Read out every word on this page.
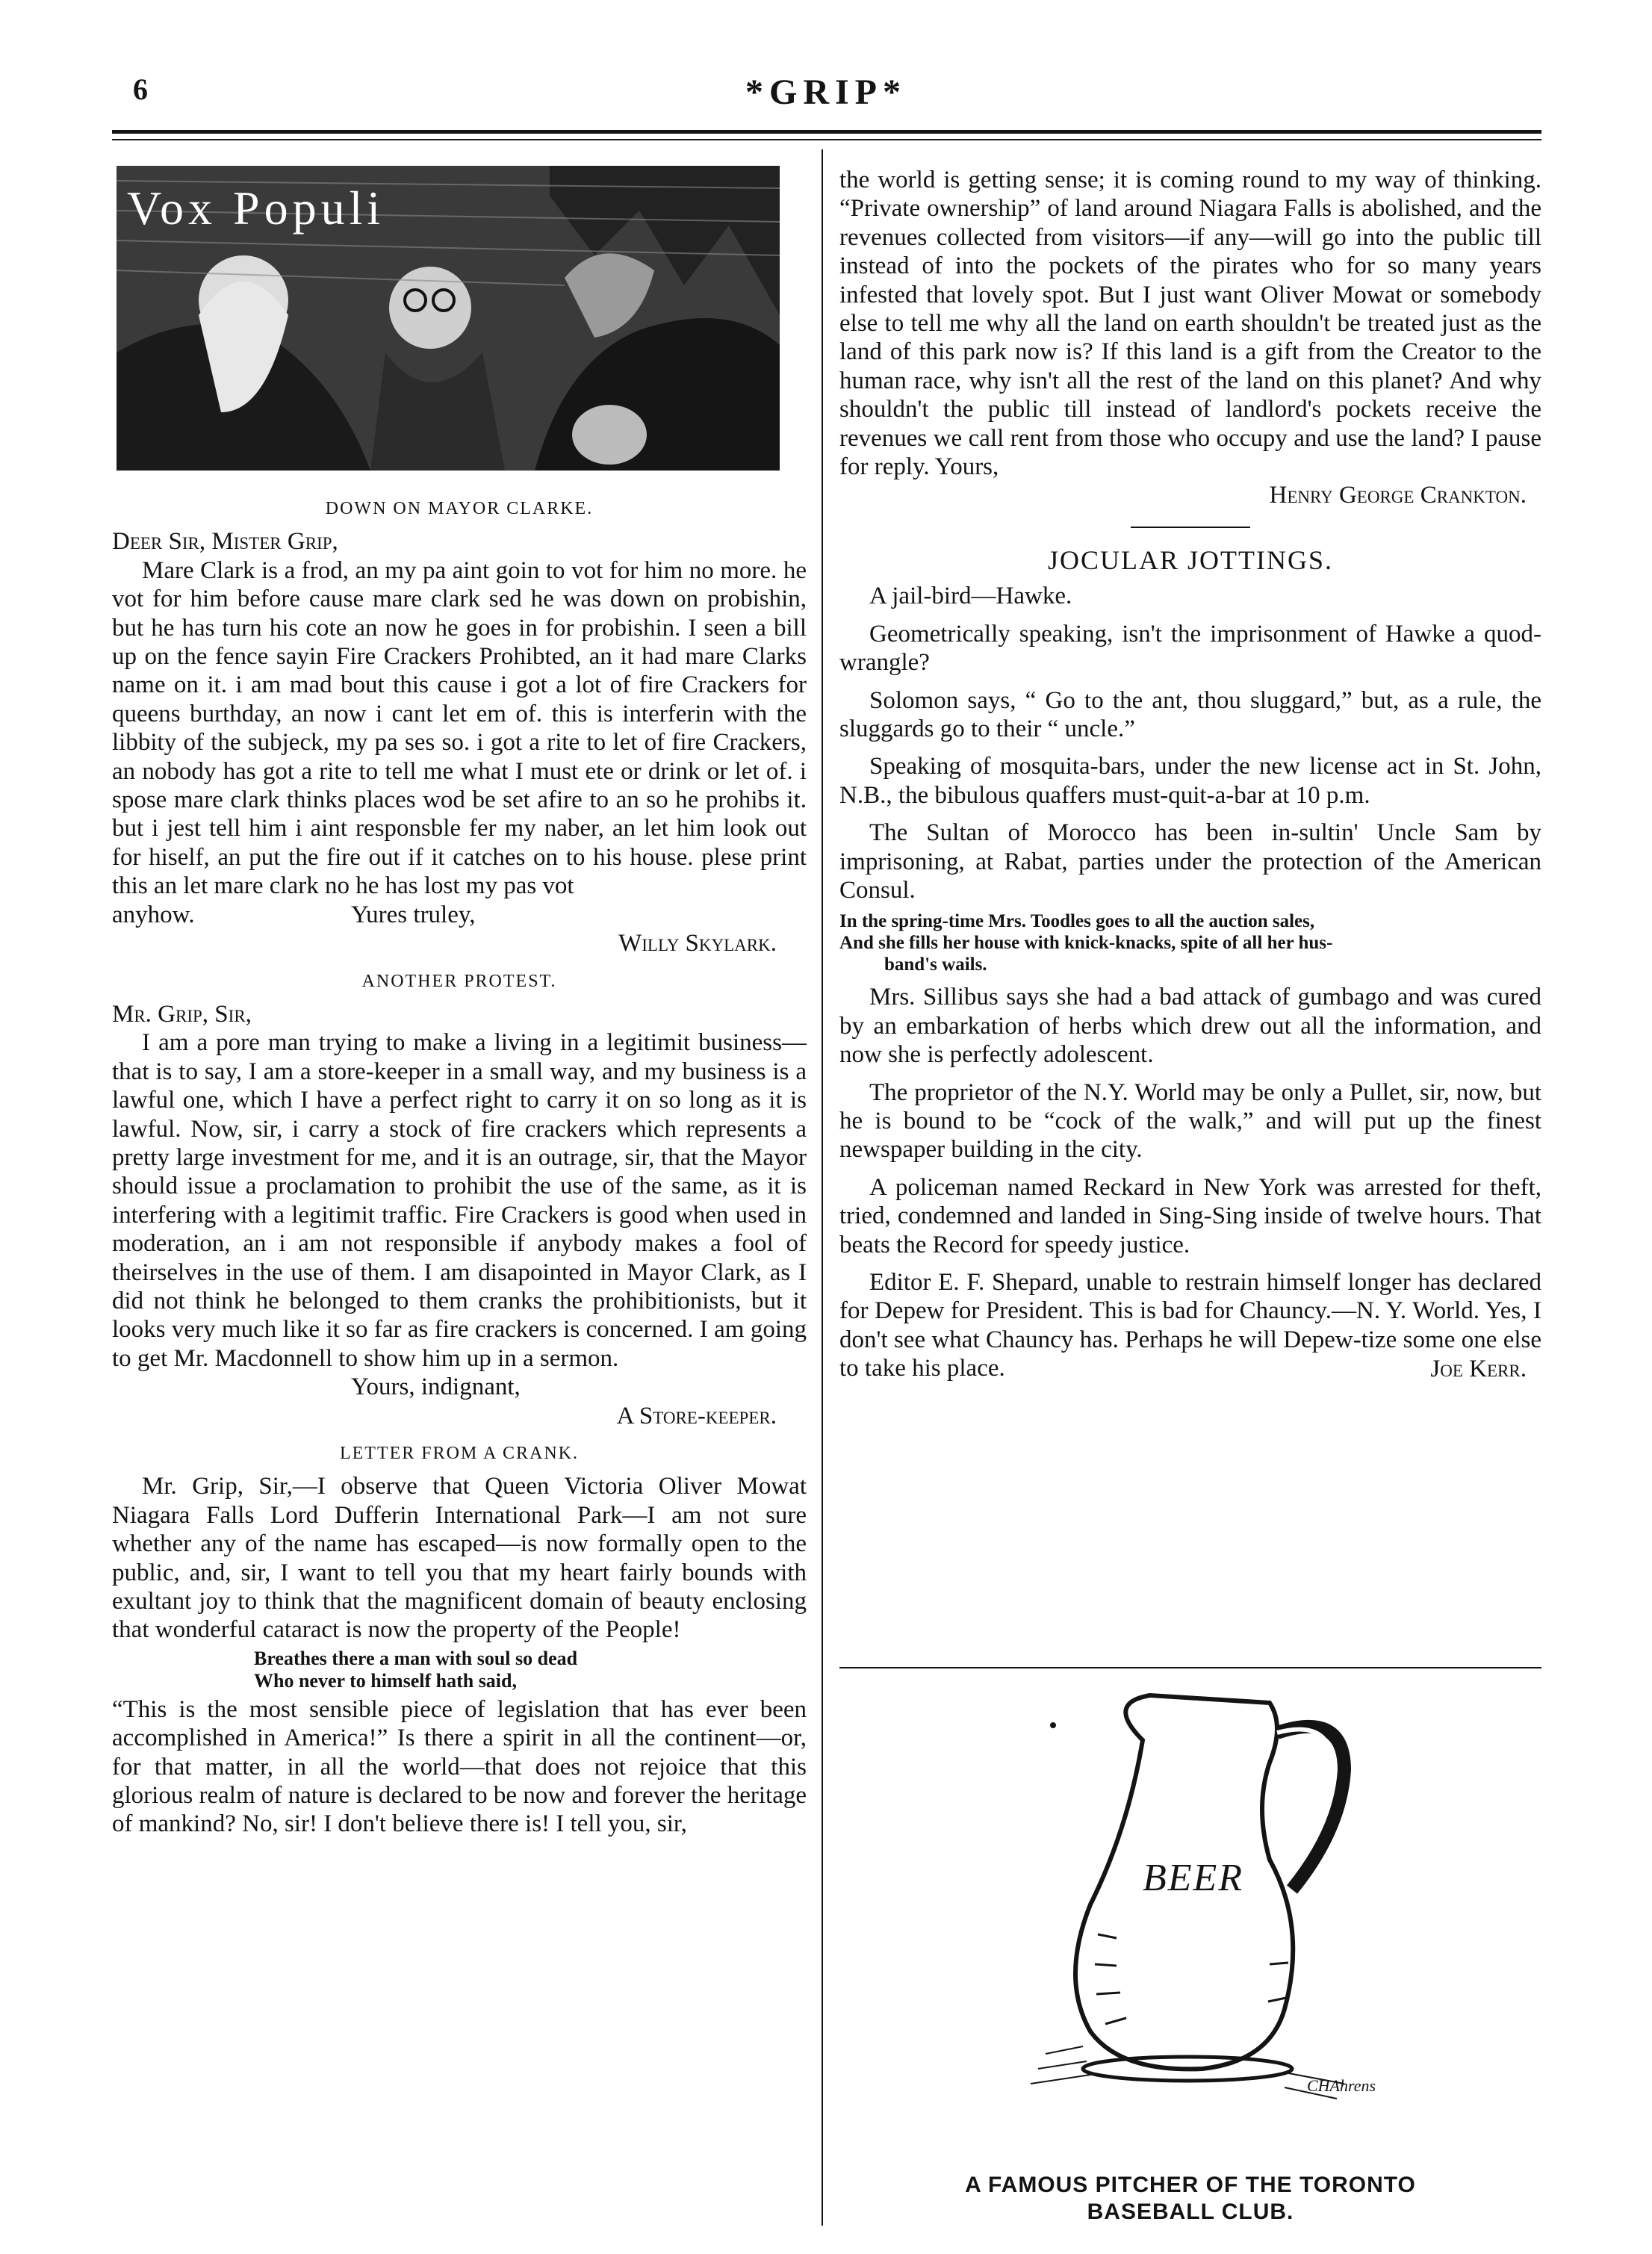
6	*GRIP*
Vox Populi

DOWN ON MAYOR CLARKE.

Deer Sir, Mister Grip,

Mare Clark is a frod, an my pa aint goin to vot for him no more. he vot for him before cause mare clark sed he was down on probishin, but he has turn his cote an now he goes in for probishin. I seen a bill up on the fence sayin Fire Crackers Prohibted, an it had mare Clarks name on it. i am mad bout this cause i got a lot of fire Crackers for queens burthday, an now i cant let em of. this is interferin with the libbity of the subjeck, my pa ses so. i got a rite to let of fire Crackers, an nobody has got a rite to tell me what I must ete or drink or let of. i spose mare clark thinks places wod be set afire to an so he prohibs it. but i jest tell him i aint responsble fer my naber, an let him look out for hiself, an put the fire out if it catches on to his house. plese print this an let mare clark no he has lost my pas vot

anyhow.	Yures truley,

Willy Skylark.

ANOTHER PROTEST.

Mr. Grip, Sir,

I am a pore man trying to make a living in a legitimit business—that is to say, I am a store-keeper in a small way, and my business is a lawful one, which I have a perfect right to carry it on so long as it is lawful. Now, sir, i carry a stock of fire crackers which represents a pretty large investment for me, and it is an outrage, sir, that the Mayor should issue a proclamation to prohibit the use of the same, as it is interfering with a legitimit traffic. Fire Crackers is good when used in moderation, an i am not responsible if anybody makes a fool of theirselves in the use of them. I am disapointed in Mayor Clark, as I did not think he belonged to them cranks the prohibitionists, but it looks very much like it so far as fire crackers is concerned. I am going to get Mr. Macdonnell to show him up in a sermon.

Yours, indignant,

A Store-keeper.

LETTER FROM A CRANK.

Mr. Grip, Sir,—I observe that Queen Victoria Oliver Mowat Niagara Falls Lord Dufferin International Park—I am not sure whether any of the name has escaped—is now formally open to the public, and, sir, I want to tell you that my heart fairly bounds with exultant joy to think that the magnificent domain of beauty enclosing that wonderful cataract is now the property of the People!

Breathes there a man with soul so dead
Who never to himself hath said,

“This is the most sensible piece of legislation that has ever been accomplished in America!” Is there a spirit in all the continent—or, for that matter, in all the world—that does not rejoice that this glorious realm of nature is declared to be now and forever the heritage of mankind? No, sir! I don't believe there is! I tell you, sir,

the world is getting sense; it is coming round to my way of thinking. “Private ownership” of land around Niagara Falls is abolished, and the revenues collected from visitors—if any—will go into the public till instead of into the pockets of the pirates who for so many years infested that lovely spot. But I just want Oliver Mowat or somebody else to tell me why all the land on earth shouldn't be treated just as the land of this park now is? If this land is a gift from the Creator to the human race, why isn't all the rest of the land on this planet? And why shouldn't the public till instead of landlord's pockets receive the revenues we call rent from those who occupy and use the land? I pause for reply. Yours,

Henry George Crankton.

JOCULAR JOTTINGS.

A jail-bird—Hawke.

Geometrically speaking, isn't the imprisonment of Hawke a quod-wrangle?

Solomon says, “ Go to the ant, thou sluggard,” but, as a rule, the sluggards go to their “ uncle.”

Speaking of mosquita-bars, under the new license act in St. John, N.B., the bibulous quaffers must-quit-a-bar at 10 p.m.

The Sultan of Morocco has been in-sultin' Uncle Sam by imprisoning, at Rabat, parties under the protection of the American Consul.

In the spring-time Mrs. Toodles goes to all the auction sales,
And she fills her house with knick-knacks, spite of all her hus-
band's wails.

Mrs. Sillibus says she had a bad attack of gumbago and was cured by an embarkation of herbs which drew out all the information, and now she is perfectly adolescent.

The proprietor of the N.Y. World may be only a Pullet, sir, now, but he is bound to be “cock of the walk,” and will put up the finest newspaper building in the city.

A policeman named Reckard in New York was arrested for theft, tried, condemned and landed in Sing-Sing inside of twelve hours. That beats the Record for speedy justice.

Editor E. F. Shepard, unable to restrain himself longer has declared for Depew for President. This is bad for Chauncy.—N. Y. World. Yes, I don't see what Chauncy has. Perhaps he will Depew-tize some one else to take his place.	Joe Kerr.

BEER
CHAhrens
A FAMOUS PITCHER OF THE TORONTO
BASEBALL CLUB.
